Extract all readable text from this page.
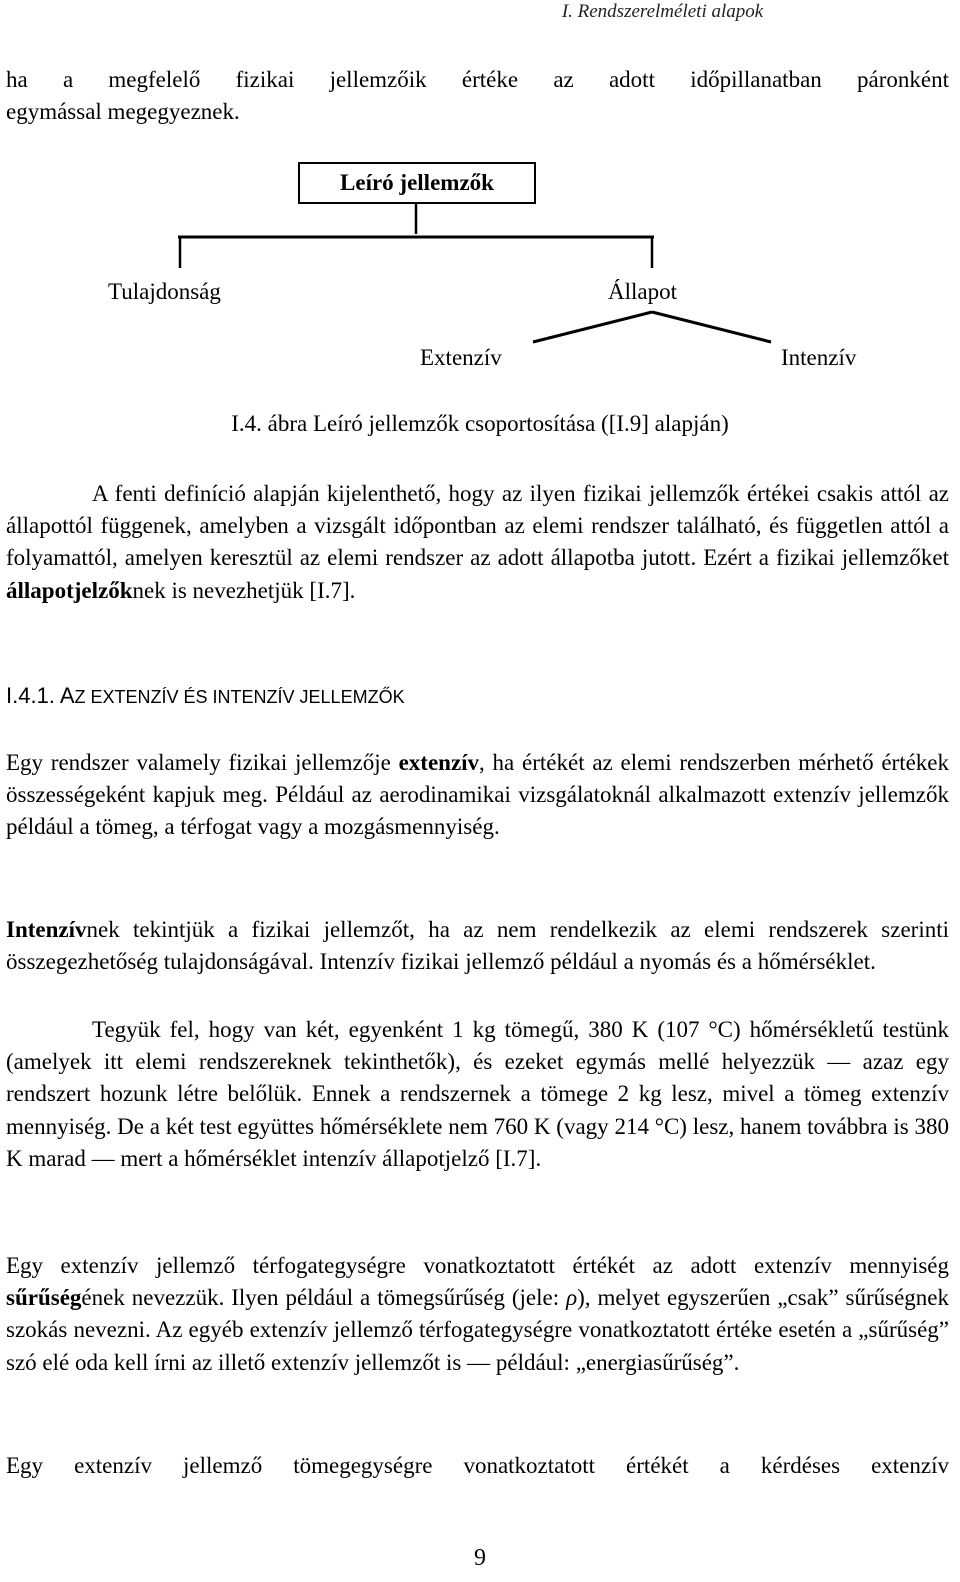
I. Rendszerelméleti alapok
ha a megfelelő fizikai jellemzőik értéke az adott időpillanatban páronként
egymással megegyeznek.
Leíró jellemzők
Tulajdonság	Állapot
Extenzív	Intenzív
I.4. ábra Leíró jellemzők csoportosítása ([I.9] alapján)

A fenti definíció alapján kijelenthető, hogy az ilyen fizikai jellemzők értékei csakis attól az állapottól függenek, amelyben a vizsgált időpontban az elemi rendszer található, és független attól a folyamattól, amelyen keresztül az elemi rendszer az adott állapotba jutott. Ezért a fizikai jellemzőket állapotjelzőknek is nevezhetjük [I.7].

I.4.1. AZ EXTENZÍV ÉS INTENZÍV JELLEMZŐK

Egy rendszer valamely fizikai jellemzője extenzív, ha értékét az elemi rendszerben mérhető értékek összességeként kapjuk meg. Például az aerodinamikai vizsgálatoknál alkalmazott extenzív jellemzők például a tömeg, a térfogat vagy a mozgásmennyiség.

Intenzívnek tekintjük a fizikai jellemzőt, ha az nem rendelkezik az elemi rendszerek szerinti összegezhetőség tulajdonságával. Intenzív fizikai jellemző például a nyomás és a hőmérséklet.

Tegyük fel, hogy van két, egyenként 1 kg tömegű, 380 K (107 °C) hőmérsékletű testünk (amelyek itt elemi rendszereknek tekinthetők), és ezeket egymás mellé helyezzük — azaz egy rendszert hozunk létre belőlük. Ennek a rendszernek a tömege 2 kg lesz, mivel a tömeg extenzív mennyiség. De a két test együttes hőmérséklete nem 760 K (vagy 214 °C) lesz, hanem továbbra is 380 K marad — mert a hőmérséklet intenzív állapotjelző [I.7].

Egy extenzív jellemző térfogategységre vonatkoztatott értékét az adott extenzív mennyiség sűrűségének nevezzük. Ilyen például a tömegsűrűség (jele: ρ), melyet egyszerűen „csak” sűrűségnek szokás nevezni. Az egyéb extenzív jellemző térfogategységre vonatkoztatott értéke esetén a „sűrűség” szó elé oda kell írni az illető extenzív jellemzőt is — például: „energiasűrűség”.

Egy extenzív jellemző tömegegységre vonatkoztatott értékét a kérdéses extenzív
9
